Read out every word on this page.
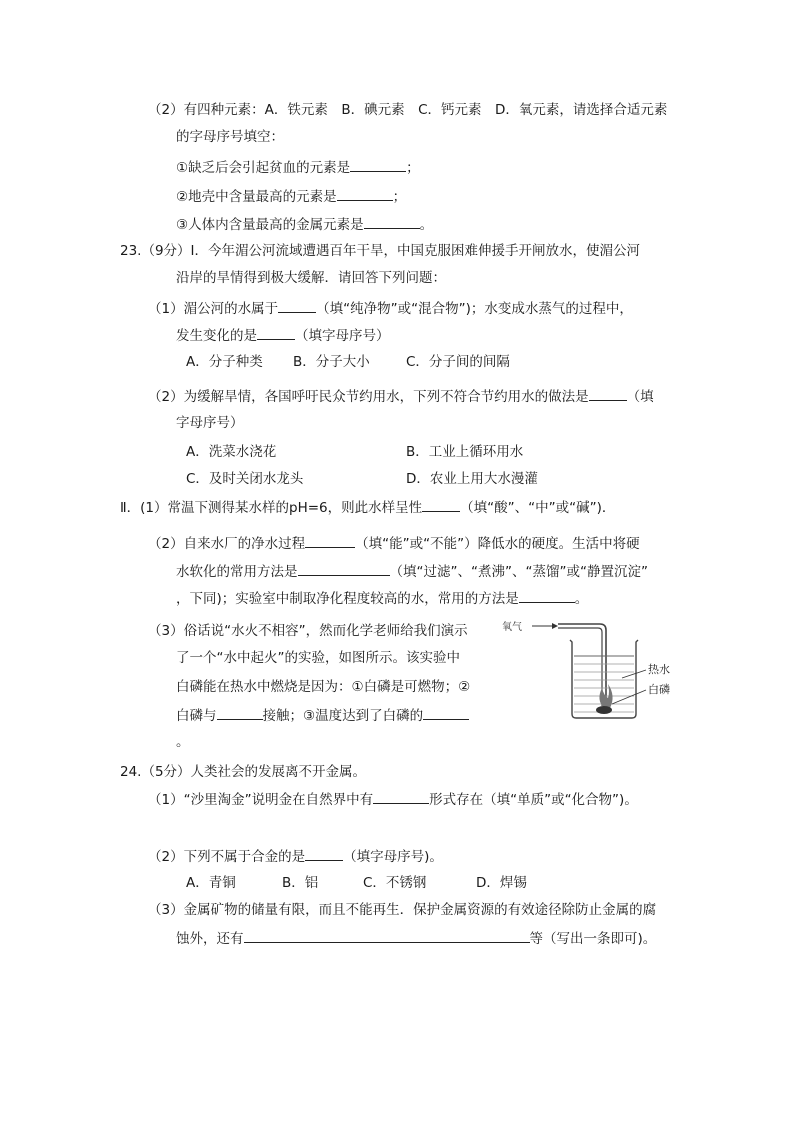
（2）有四种元素：A．铁元素　B．碘元素　C．钙元素　D．氧元素，请选择合适元素
的字母序号填空：
①缺乏后会引起贫血的元素是	；
②地壳中含量最高的元素是	；
③人体内含量最高的金属元素是	。
23.（9分）Ⅰ．今年湄公河流域遭遇百年干旱，中国克服困难伸援手开闸放水，使湄公河
沿岸的旱情得到极大缓解．请回答下列问题：
（1）湄公河的水属于	（填“纯净物”或“混合物”)；水变成水蒸气的过程中，
发生变化的是	（填字母序号）
A．分子种类 B．分子大小	C．分子间的间隔
（2）为缓解旱情，各国呼吁民众节约用水，下列不符合节约用水的做法是	（填
字母序号）
A．洗菜水浇花	B．工业上循环用水
C．及时关闭水龙头	D．农业上用大水漫灌
Ⅱ．(1）常温下测得某水样的pH=6，则此水样呈性	（填“酸”、“中”或“碱”)．
（2）自来水厂的净水过程	（填“能”或“不能”）降低水的硬度。生活中将硬
水软化的常用方法是	（填“过滤”、“煮沸”、“蒸馏”或“静置沉淀”
，下同)；实验室中制取净化程度较高的水，常用的方法是	。
（3）俗话说“水火不相容”，然而化学老师给我们演示
了一个“水中起火”的实验，如图所示。该实验中
白磷能在热水中燃烧是因为：①白磷是可燃物；②
白磷与	接触；③温度达到了白磷的
。
氧气
热水
白磷
24.（5分）人类社会的发展离不开金属。
（1）“沙里淘金”说明金在自然界中有	形式存在（填“单质”或“化合物”)。
（2）下列不属于合金的是	（填字母序号)。
A．青铜	B．铝	C．不锈钢	D．焊锡
（3）金属矿物的储量有限，而且不能再生．保护金属资源的有效途径除防止金属的腐
蚀外，还有	等（写出一条即可)。
